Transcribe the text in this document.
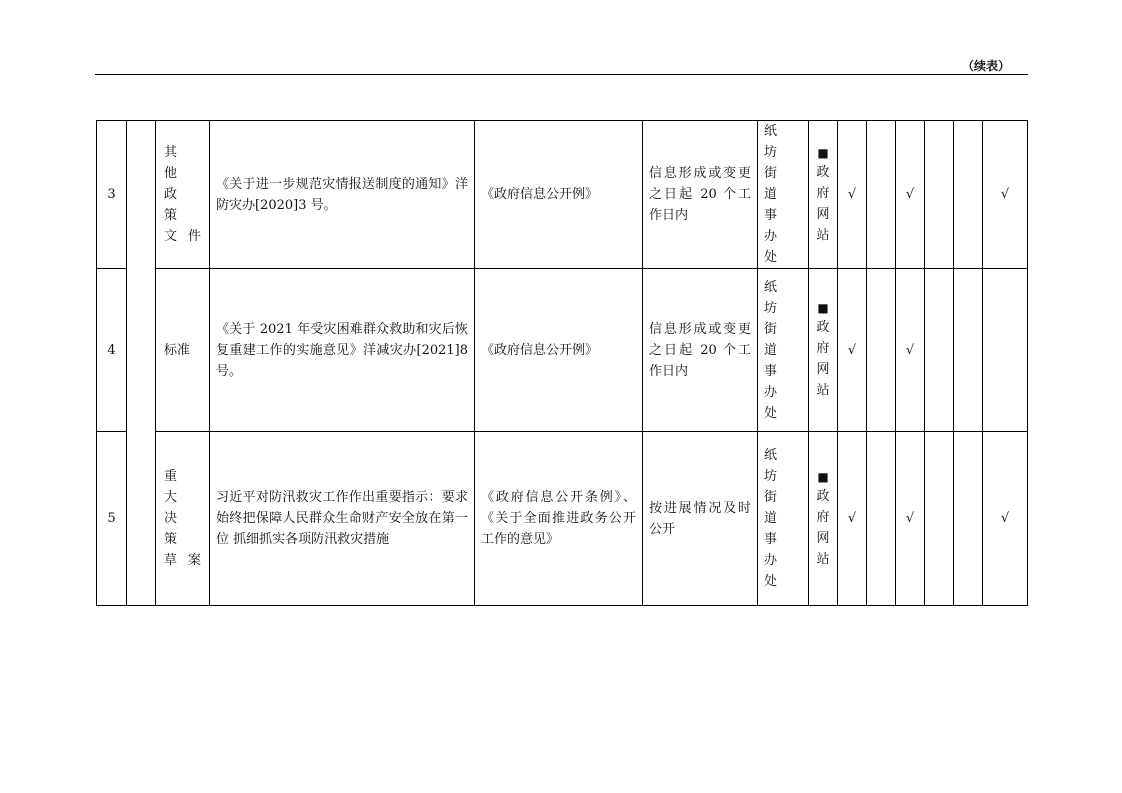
（续表）
3		其　他
政　策
文件	《关于进一步规范灾情报送制度的通知》洋防灾办[2020]3 号。	《政府信息公开例》	信息形成或变更之日起 20 个工作日内	纸　坊
街　道　事
办
处	■
政
府
网
站	√		√			√
4		标准	《关于 2021 年受灾困难群众救助和灾后恢复重建工作的实施意见》洋减灾办[2021]8 号。	《政府信息公开例》	信息形成或变更之日起 20 个工作日内	纸　坊
街　道　事
办
处	■
政
府
网
站	√		√			
5		重　大
决　策
草案	习近平对防汛救灾工作作出重要指示：要求始终把保障人民群众生命财产安全放在第一位 抓细抓实各项防汛救灾措施	《政府信息公开条例》、《关于全面推进政务公开工作的意见》	按进展情况及时公开	纸　坊
街　道　事
办
处	■
政
府
网
站	√		√			√
